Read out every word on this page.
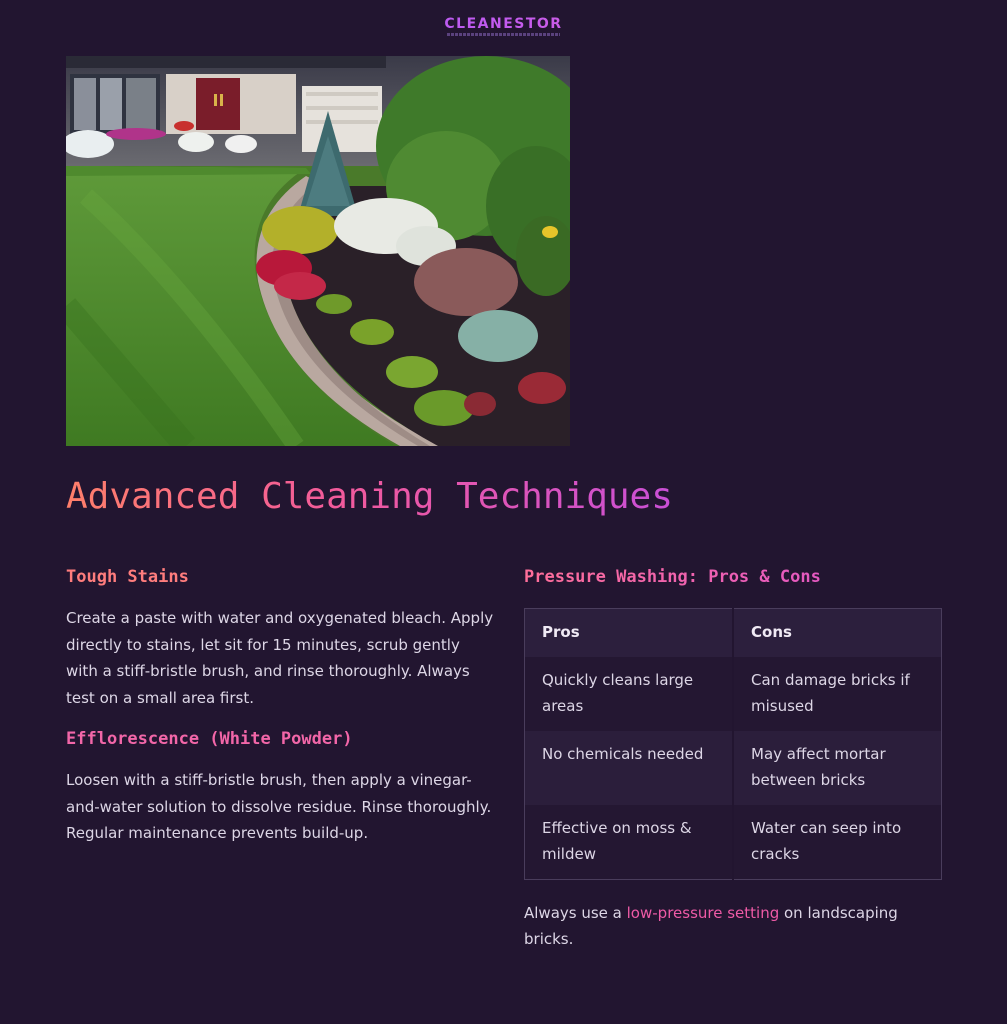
CLEANESTOR
Advanced Cleaning Techniques
Tough Stains

Create a paste with water and oxygenated bleach. Apply directly to stains, let sit for 15 minutes, scrub gently with a stiff-bristle brush, and rinse thoroughly. Always test on a small area first.

Efflorescence (White Powder)

Loosen with a stiff-bristle brush, then apply a vinegar-and-water solution to dissolve residue. Rinse thoroughly. Regular maintenance prevents build-up.

Pressure Washing: Pros & Cons
Pros	Cons
Quickly cleans large areas	Can damage bricks if misused
No chemicals needed	May affect mortar between bricks
Effective on moss & mildew	Water can seep into cracks

Always use a low-pressure setting on landscaping bricks.
